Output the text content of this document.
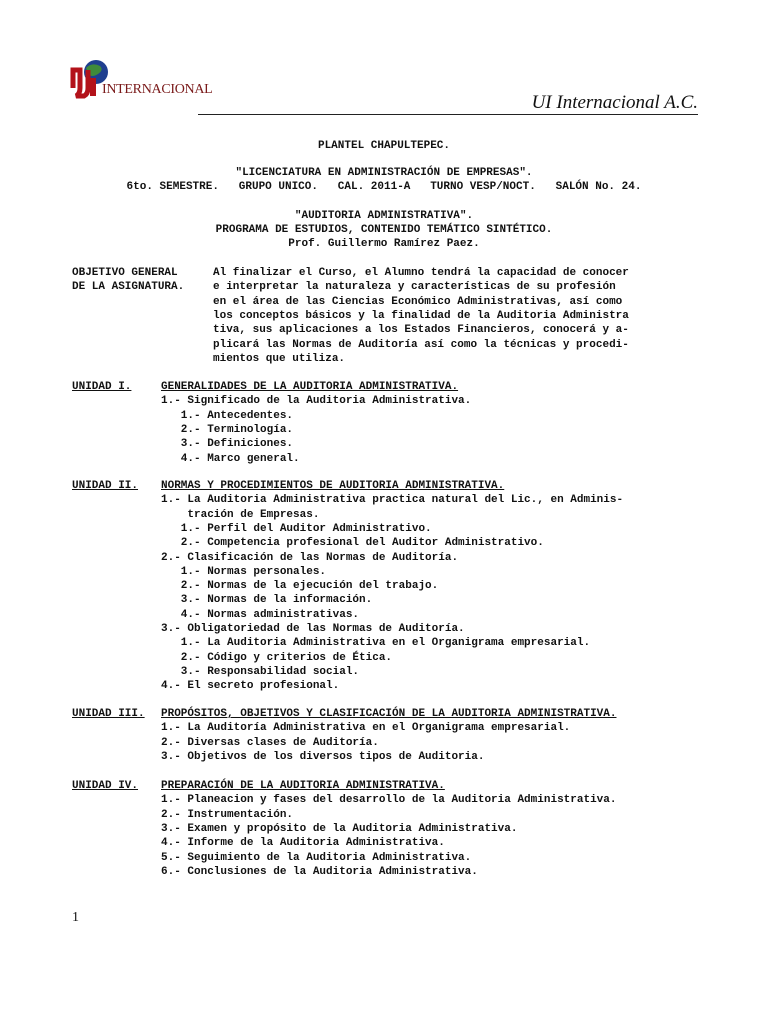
INTERNACIONAL
UI Internacional A.C.
PLANTEL CHAPULTEPEC.
"LICENCIATURA EN ADMINISTRACIÓN DE EMPRESAS".
6to. SEMESTRE.   GRUPO UNICO.   CAL. 2011-A   TURNO VESP/NOCT.   SALÓN No. 24.
"AUDITORIA ADMINISTRATIVA".
PROGRAMA DE ESTUDIOS, CONTENIDO TEMÁTICO SINTÉTICO.
Prof. Guillermo Ramírez Paez.
OBJETIVO GENERAL
DE LA ASIGNATURA.
1
Al finalizar el Curso, el Alumno tendrá la capacidad de conocer
e interpretar la naturaleza y características de su profesión
en el área de las Ciencias Económico Administrativas, así como
los conceptos básicos y la finalidad de la Auditoria Administra
tiva, sus aplicaciones a los Estados Financieros, conocerá y a-
plicará las Normas de Auditoría así como la técnicas y procedi-
mientos que utiliza.
UNIDAD I.	GENERALIDADES DE LA AUDITORIA ADMINISTRATIVA.
1.- Significado de la Auditoria Administrativa.
1.- Antecedentes.
2.- Terminología.
3.- Definiciones.
4.- Marco general.
UNIDAD II. NORMAS Y PROCEDIMIENTOS DE AUDITORIA ADMINISTRATIVA.
1.- La Auditoria Administrativa practica natural del Lic., en Adminis-
tración de Empresas.
1.- Perfil del Auditor Administrativo.
2.- Competencia profesional del Auditor Administrativo.
2.- Clasificación de las Normas de Auditoría.
1.- Normas personales.
2.- Normas de la ejecución del trabajo.
3.- Normas de la información.
4.- Normas administrativas.
3.- Obligatoriedad de las Normas de Auditoría.
1.- La Auditoria Administrativa en el Organigrama empresarial.
2.- Código y criterios de Ética.
3.- Responsabilidad social.
4.- El secreto profesional.
UNIDAD III. PROPÓSITOS, OBJETIVOS Y CLASIFICACIÓN DE LA AUDITORIA ADMINISTRATIVA.
1.- La Auditoría Administrativa en el Organigrama empresarial.
2.- Diversas clases de Auditoría.
3.- Objetivos de los diversos tipos de Auditoria.
UNIDAD IV. PREPARACIÓN DE LA AUDITORIA ADMINISTRATIVA.
1.- Planeacion y fases del desarrollo de la Auditoria Administrativa.
2.- Instrumentación.
3.- Examen y propósito de la Auditoria Administrativa.
4.- Informe de la Auditoria Administrativa.
5.- Seguimiento de la Auditoria Administrativa.
6.- Conclusiones de la Auditoria Administrativa.
